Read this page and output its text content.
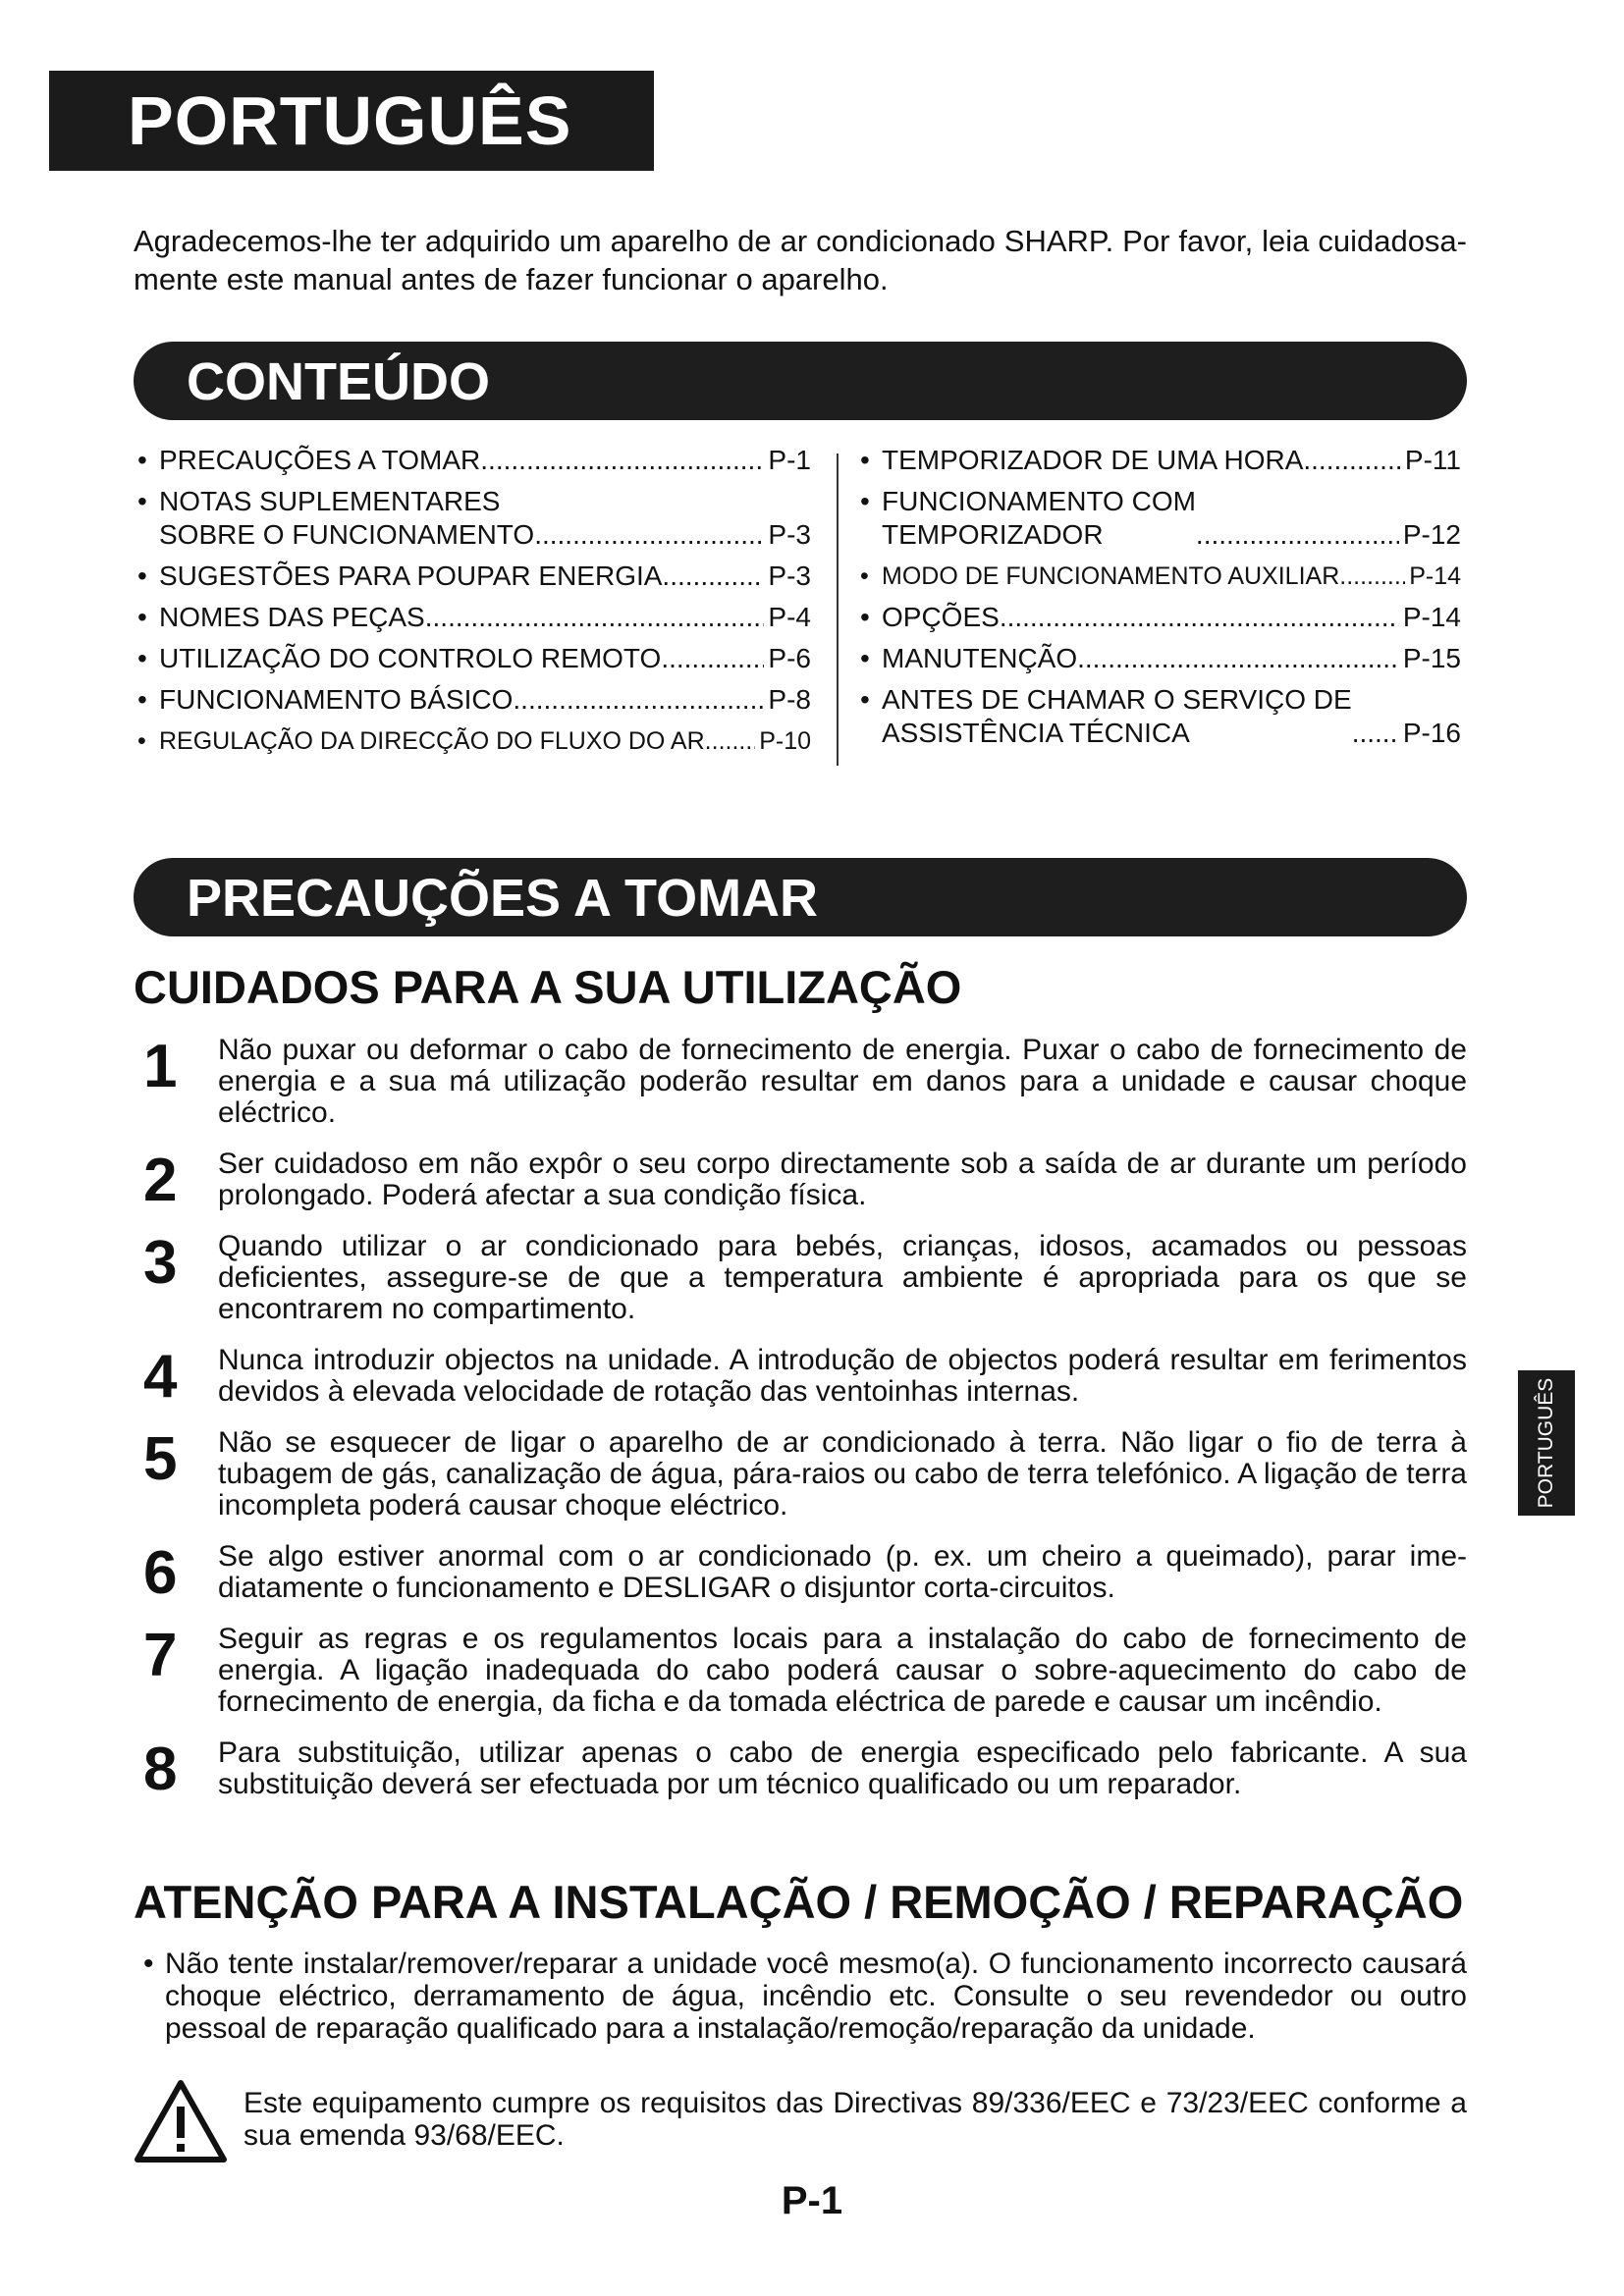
PORTUGUÊS
Agradecemos-lhe ter adquirido um aparelho de ar condicionado SHARP. Por favor, leia cuidadosa-mente este manual antes de fazer funcionar o aparelho.
CONTEÚDO
• PRECAUÇÕES A TOMAR .....	P-1
• NOTAS SUPLEMENTARES
SOBRE O FUNCIONAMENTO .....	P-3
• SUGESTÕES PARA POUPAR ENERGIA .....	P-3
• NOMES DAS PEÇAS .....	P-4
• UTILIZAÇÃO DO CONTROLO REMOTO .....	P-6
• FUNCIONAMENTO BÁSICO .....	P-8
• REGULAÇÃO DA DIRECÇÃO DO FLUXO DO AR ..... P-10
• TEMPORIZADOR DE UMA HORA .....	P-11
• FUNCIONAMENTO COM
TEMPORIZADOR .....	P-12
• MODO DE FUNCIONAMENTO AUXILIAR .....	P-14
• OPÇÕES .....	P-14
• MANUTENÇÃO .....	P-15
• ANTES DE CHAMAR O SERVIÇO DE
ASSISTÊNCIA TÉCNICA .....	P-16
PRECAUÇÕES A TOMAR
CUIDADOS PARA A SUA UTILIZAÇÃO
1	Não puxar ou deformar o cabo de fornecimento de energia. Puxar o cabo de fornecimento de energia e a sua má utilização poderão resultar em danos para a unidade e causar choque eléctrico.
2	Ser cuidadoso em não expôr o seu corpo directamente sob a saída de ar durante um período prolongado. Poderá afectar a sua condição física.
3	Quando utilizar o ar condicionado para bebés, crianças, idosos, acamados ou pessoas deficientes, assegure-se de que a temperatura ambiente é apropriada para os que se encontrarem no compartimento.
4	Nunca introduzir objectos na unidade. A introdução de objectos poderá resultar em ferimentos devidos à elevada velocidade de rotação das ventoinhas internas.
5	Não se esquecer de ligar o aparelho de ar condicionado à terra. Não ligar o fio de terra à tubagem de gás, canalização de água, pára-raios ou cabo de terra telefónico. A ligação de terra incompleta poderá causar choque eléctrico.
6	Se algo estiver anormal com o ar condicionado (p. ex. um cheiro a queimado), parar ime-diatamente o funcionamento e DESLIGAR o disjuntor corta-circuitos.
7	Seguir as regras e os regulamentos locais para a instalação do cabo de fornecimento de energia. A ligação inadequada do cabo poderá causar o sobre-aquecimento do cabo de fornecimento de energia, da ficha e da tomada eléctrica de parede e causar um incêndio.
8	Para substituição, utilizar apenas o cabo de energia especificado pelo fabricante. A sua substituição deverá ser efectuada por um técnico qualificado ou um reparador.
ATENÇÃO PARA A INSTALAÇÃO / REMOÇÃO / REPARAÇÃO
• Não tente instalar/remover/reparar a unidade você mesmo(a). O funcionamento incorrecto causará choque eléctrico, derramamento de água, incêndio etc. Consulte o seu revendedor ou outro pessoal de reparação qualificado para a instalação/remoção/reparação da unidade.
Este equipamento cumpre os requisitos das Directivas 89/336/EEC e 73/23/EEC conforme a sua emenda 93/68/EEC.
P-1
PORTUGUÊS
